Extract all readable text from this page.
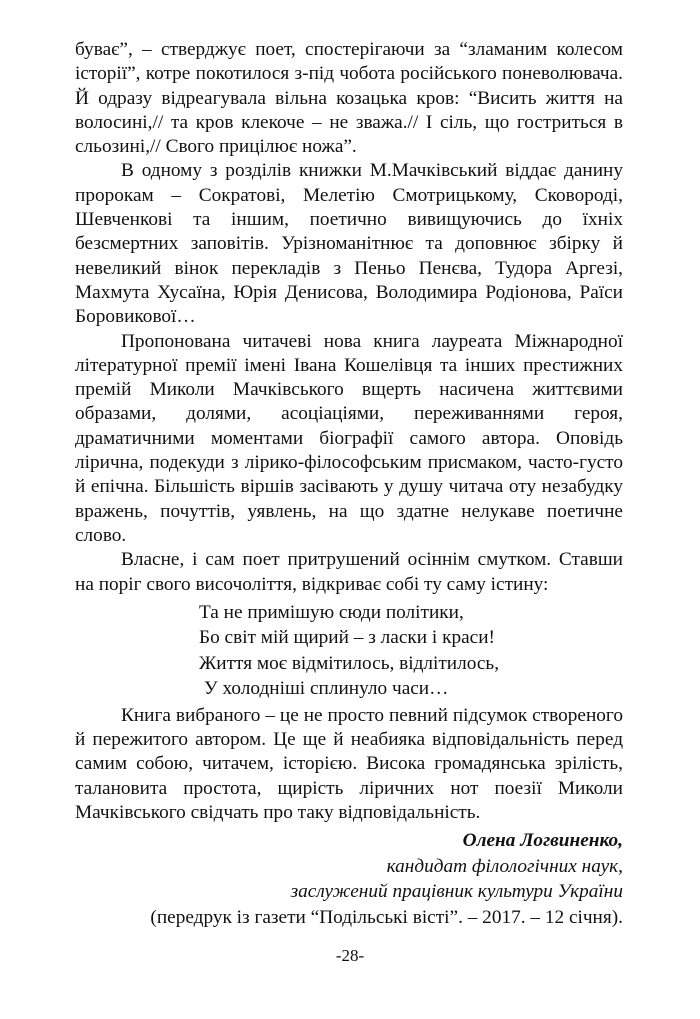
буває”, – стверджує поет, спостерігаючи за “зламаним колесом історії”, котре покотилося з-під чобота російського поневолювача. Й одразу відреагувала вільна козацька кров: “Висить життя на волосині,// та кров клекоче – не зважа.// І сіль, що гостриться в сльозині,// Свого прицілює ножа”.

В одному з розділів книжки М.Мачківський віддає данину пророкам – Сократові, Мелетію Смотрицькому, Сковороді, Шевченкові та іншим, поетично вивищуючись до їхніх безсмертних заповітів. Урізноманітнює та доповнює збірку й невеликий вінок перекладів з Пеньо Пенєва, Тудора Аргезі, Махмута Хусаїна, Юрія Денисова, Володимира Родіонова, Раїси Боровикової…

Пропонована читачеві нова книга лауреата Міжнародної літературної премії імені Івана Кошелівця та інших престижних премій Миколи Мачківського вщерть насичена життєвими образами, долями, асоціаціями, переживаннями героя, драматичними моментами біографії самого автора. Оповідь лірична, подекуди з лірико-філософським присмаком, часто-густо й епічна. Більшість віршів засівають у душу читача оту незабудку вражень, почуттів, уявлень, на що здатне нелукаве поетичне слово.

Власне, і сам поет притрушений осіннім смутком. Ставши на поріг свого височоліття, відкриває собі ту саму істину:

Та не примішую сюди політики,
Бо світ мій щирий – з ласки і краси!
Життя моє відмітилось, відлітилось,
У холодніші сплинуло часи…

Книга вибраного – це не просто певний підсумок створеного й пережитого автором. Це ще й неабияка відповідальність перед самим собою, читачем, історією. Висока громадянська зрілість, талановита простота, щирість ліричних нот поезії Миколи Мачківського свідчать про таку відповідальність.

Олена Логвиненко,
кандидат філологічних наук,
заслужений працівник культури України
(передрук із газети “Подільські вісті”. – 2017. – 12 січня).
-28-
